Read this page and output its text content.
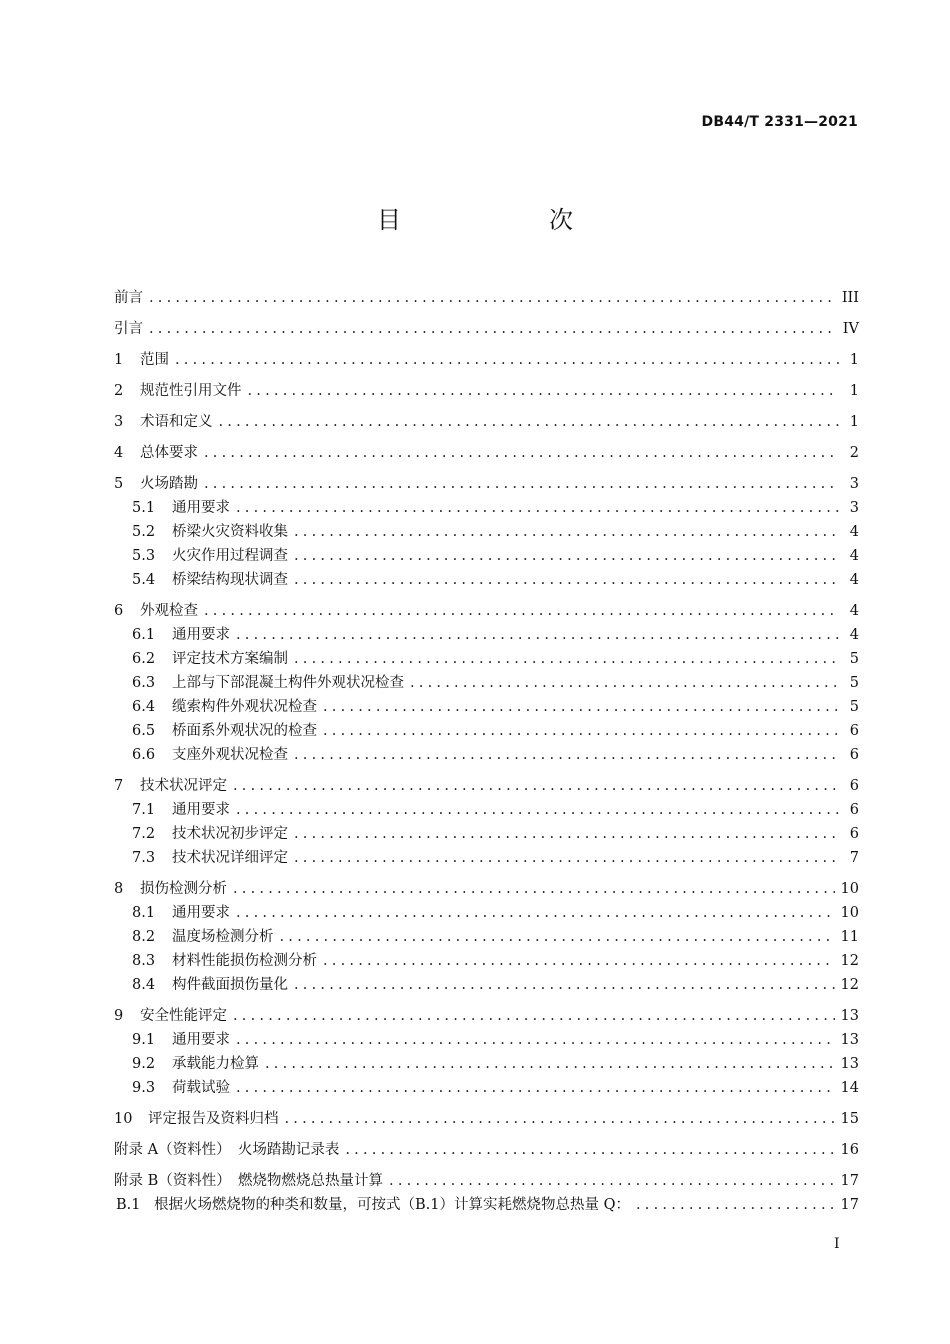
DB44/T 2331—2021
目　次
前言 .....	III
引言 .....	IV
1	范围 .....	1
2	规范性引用文件 .....	1
3	术语和定义 .....	1
4	总体要求 .....	2
5	火场踏勘 .....	3
5.1	通用要求 .....	3
5.2	桥梁火灾资料收集 .....	4
5.3	火灾作用过程调查 .....	4
5.4	桥梁结构现状调查 .....	4
6	外观检查 .....	4
6.1	通用要求 .....	4
6.2	评定技术方案编制 .....	5
6.3	上部与下部混凝土构件外观状况检查 .....	5
6.4	缆索构件外观状况检查 .....	5
6.5	桥面系外观状况的检查 .....	6
6.6	支座外观状况检查 .....	6
7	技术状况评定 .....	6
7.1	通用要求 .....	6
7.2	技术状况初步评定 .....	6
7.3	技术状况详细评定 .....	7
8	损伤检测分析 .....	10
8.1	通用要求 .....	10
8.2	温度场检测分析 .....	11
8.3	材料性能损伤检测分析 .....	12
8.4	构件截面损伤量化 .....	12
9	安全性能评定 .....	13
9.1	通用要求 .....	13
9.2	承载能力检算 .....	13
9.3	荷载试验 .....	14
10	评定报告及资料归档 .....	15
附录 A（资料性）　火场踏勘记录表 .....	16
附录 B（资料性）　燃烧物燃烧总热量计算 .....	17
B.1 根据火场燃烧物的种类和数量，可按式（B.1）计算实耗燃烧物总热量 Q： .....	17
I
